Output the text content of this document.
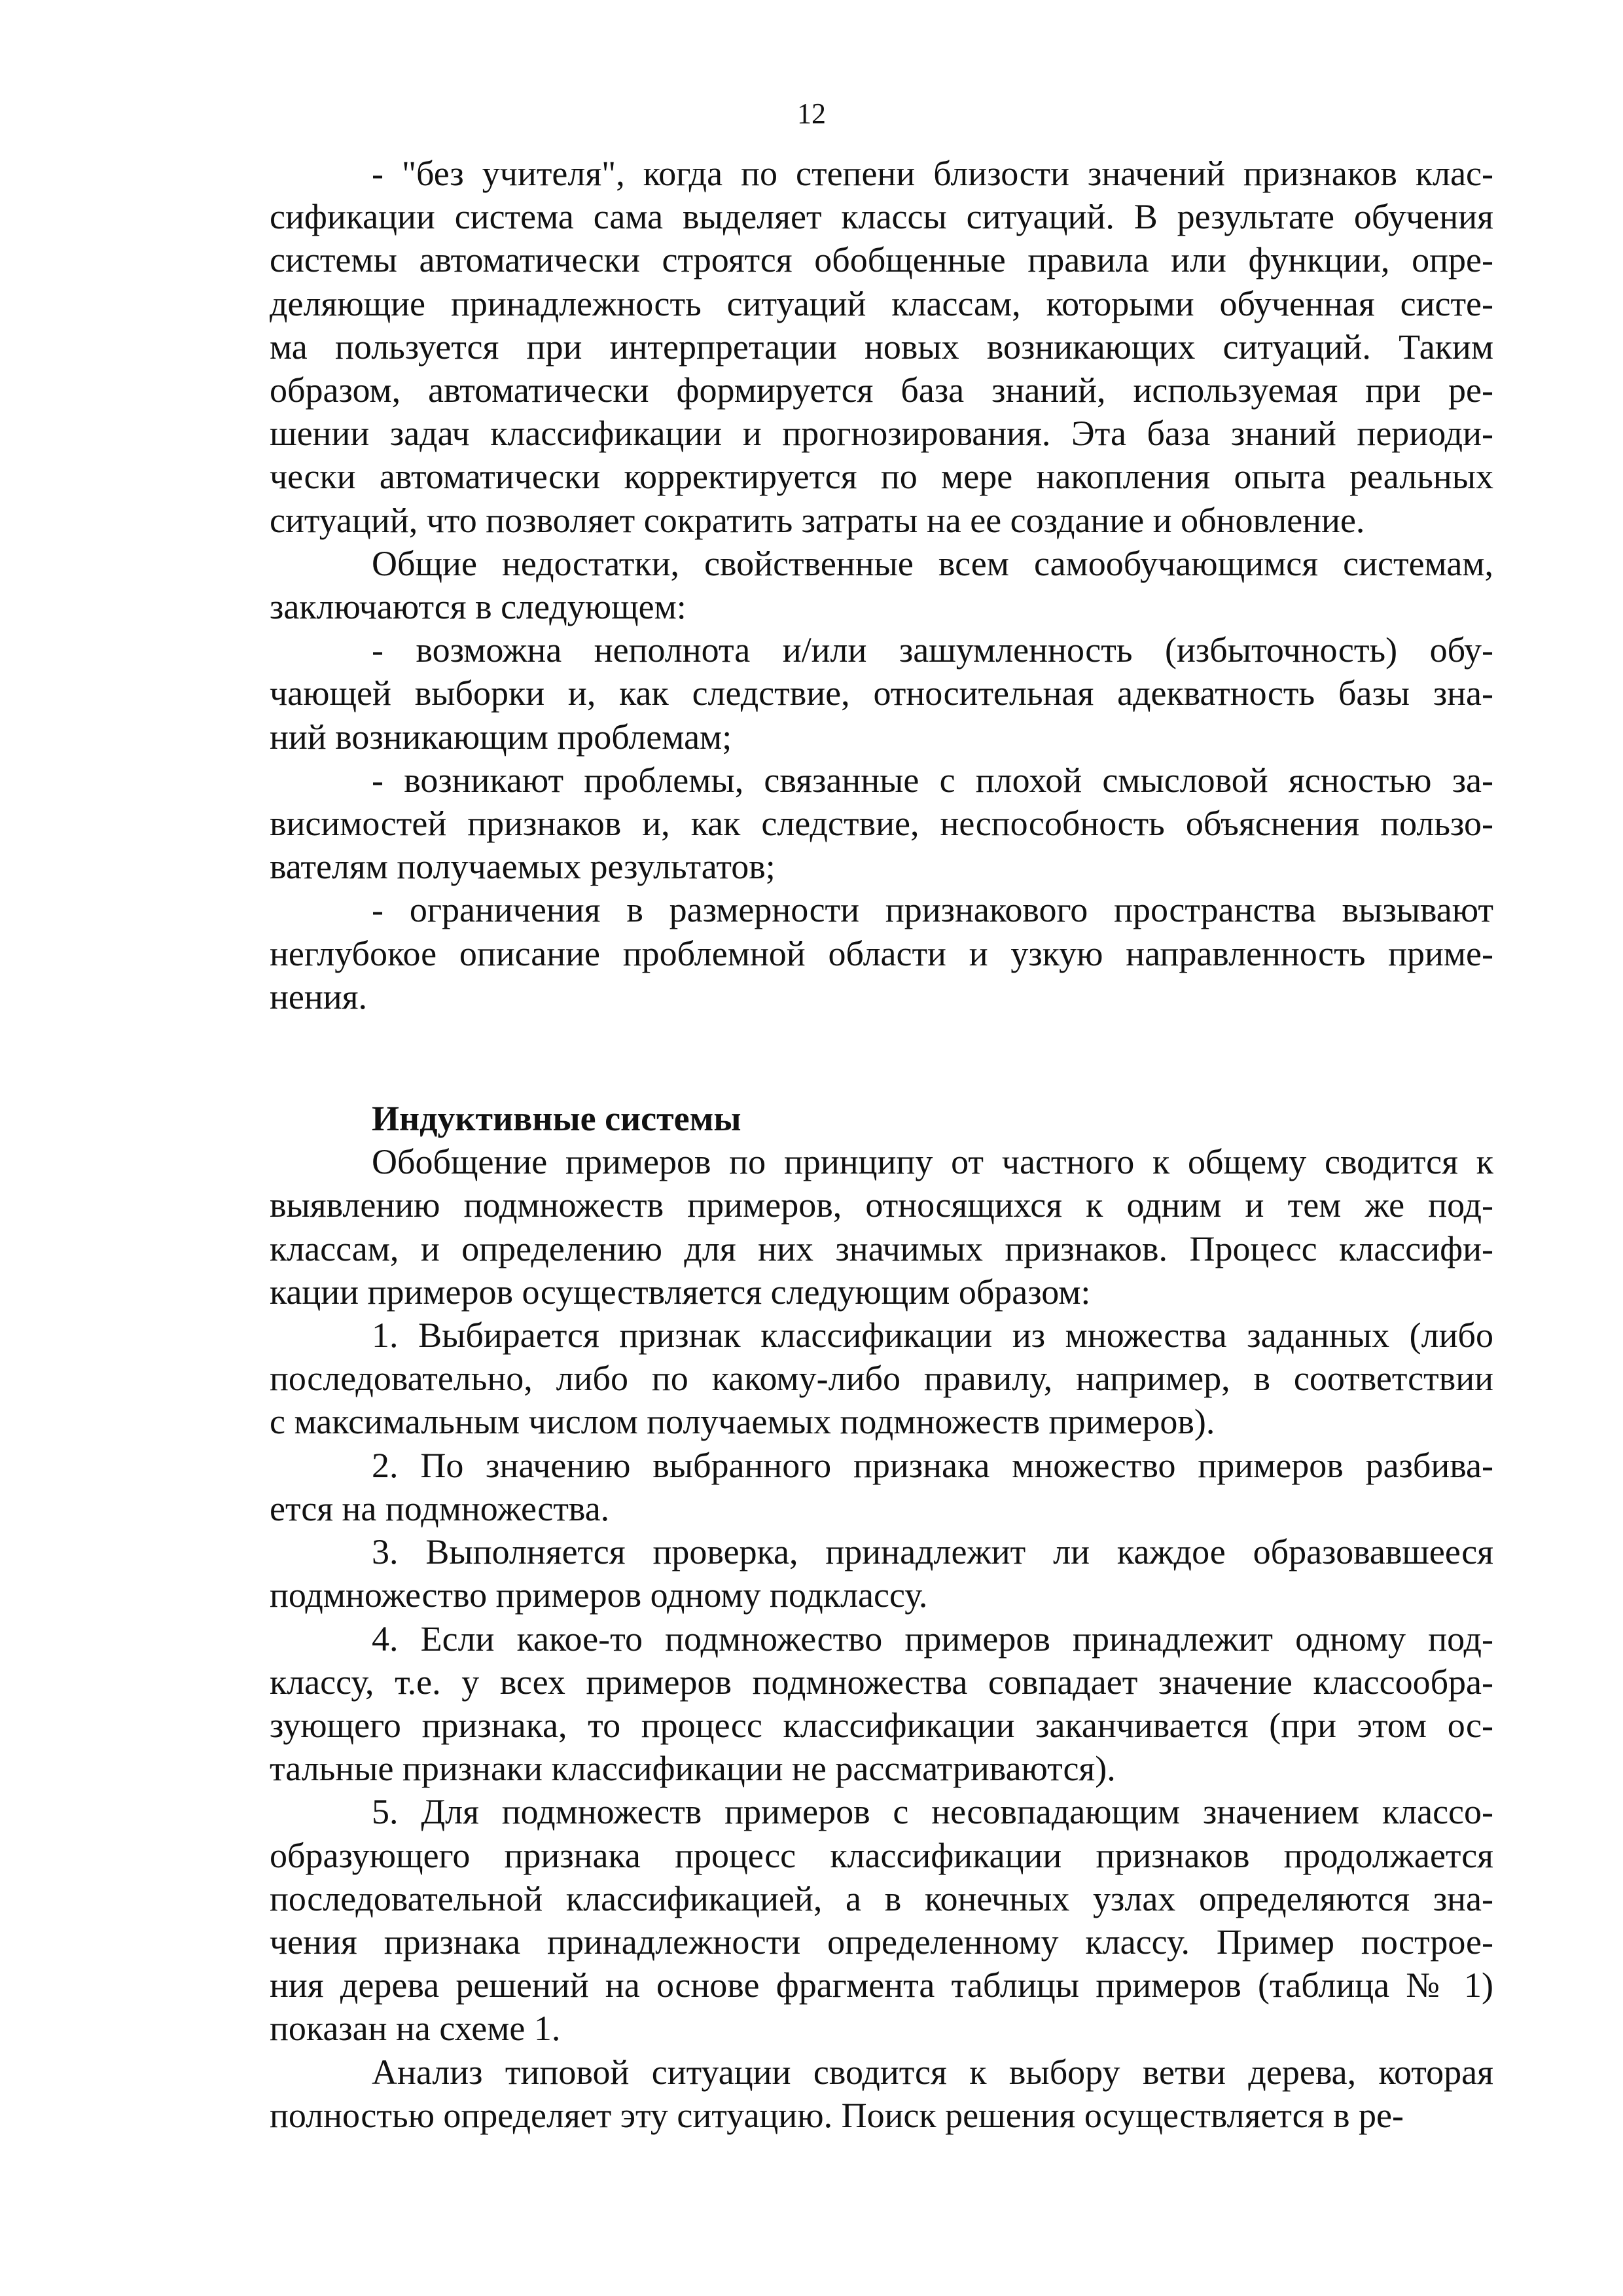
12
- "без учителя", когда по степени близости значений признаков клас-
сификации система сама выделяет классы ситуаций. В результате обучения
системы автоматически строятся обобщенные правила или функции, опре-
деляющие принадлежность ситуаций классам, которыми обученная систе-
ма пользуется при интерпретации новых возникающих ситуаций. Таким
образом, автоматически формируется база знаний, используемая при ре-
шении задач классификации и прогнозирования. Эта база знаний периоди-
чески автоматически корректируется по мере накопления опыта реальных
ситуаций, что позволяет сократить затраты на ее создание и обновление.
Общие недостатки, свойственные всем самообучающимся системам,
заключаются в следующем:
- возможна неполнота и/или зашумленность (избыточность) обу-
чающей выборки и, как следствие, относительная адекватность базы зна-
ний возникающим проблемам;
- возникают проблемы, связанные с плохой смысловой ясностью за-
висимостей признаков и, как следствие, неспособность объяснения пользо-
вателям получаемых результатов;
- ограничения в размерности признакового пространства вызывают
неглубокое описание проблемной области и узкую направленность приме-
нения.
Индуктивные системы
Обобщение примеров по принципу от частного к общему сводится к
выявлению подмножеств примеров, относящихся к одним и тем же под-
классам, и определению для них значимых признаков. Процесс классифи-
кации примеров осуществляется следующим образом:
1. Выбирается признак классификации из множества заданных (либо
последовательно, либо по какому-либо правилу, например, в соответствии
с максимальным числом получаемых подмножеств примеров).
2. По значению выбранного признака множество примеров разбива-
ется на подмножества.
3. Выполняется проверка, принадлежит ли каждое образовавшееся
подмножество примеров одному подклассу.
4. Если какое-то подмножество примеров принадлежит одному под-
классу, т.е. у всех примеров подмножества совпадает значение классообра-
зующего признака, то процесс классификации заканчивается (при этом ос-
тальные признаки классификации не рассматриваются).
5. Для подмножеств примеров с несовпадающим значением классо-
образующего признака процесс классификации признаков продолжается
последовательной классификацией, а в конечных узлах определяются зна-
чения признака принадлежности определенному классу. Пример построе-
ния дерева решений на основе фрагмента таблицы примеров (таблица № 1)
показан на схеме 1.
Анализ типовой ситуации сводится к выбору ветви дерева, которая
полностью определяет эту ситуацию. Поиск решения осуществляется в ре-
